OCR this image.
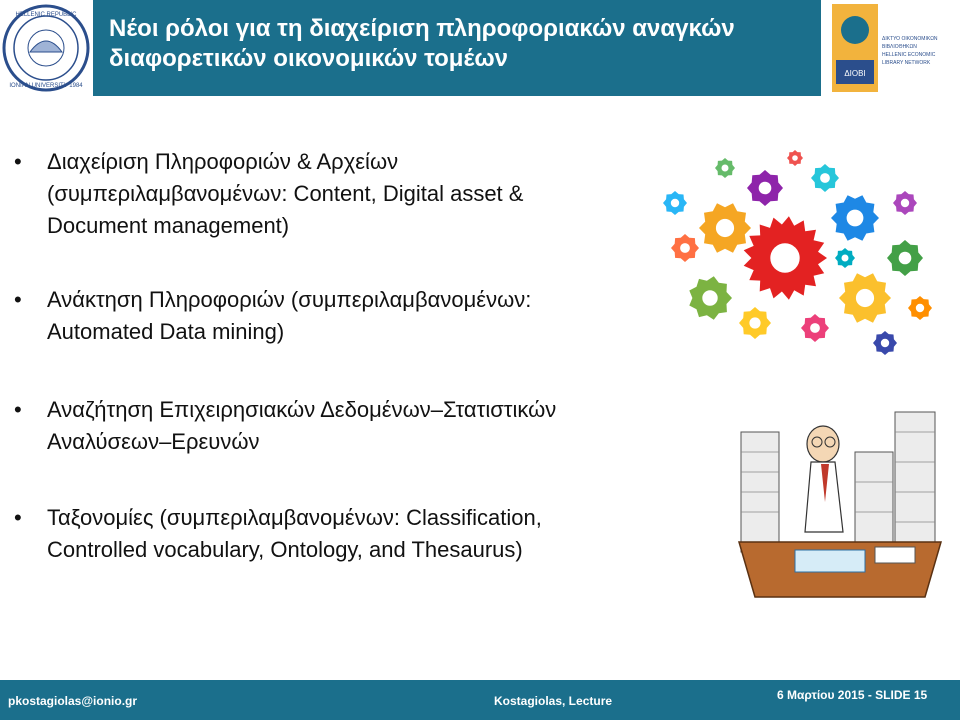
HELLENIC REPUBLIC
IONIAN UNIVERSITY 1984
Νέοι ρόλοι για τη διαχείριση πληροφοριακών αναγκών
διαφορετικών οικονομικών τομέων
ΔΙΟΒΙ
ΔΙΚΤΥΟ ΟΙΚΟΝΟΜΙΚΩΝ
ΒΙΒΛΙΟΘΗΚΩΝ
HELLENIC ECONOMIC
LIBRARY NETWORK
• Διαχείριση Πληροφοριών & Αρχείων
(συμπεριλαμβανομένων: Content, Digital asset &
Document management)
• Ανάκτηση Πληροφοριών (συμπεριλαμβανομένων:
Automated Data mining)
• Αναζήτηση Επιχειρησιακών Δεδομένων–Στατιστικών
Αναλύσεων–Ερευνών
• Ταξονομίες (συμπεριλαμβανομένων: Classification,
Controlled vocabulary, Ontology, and Thesaurus)
pkostagiolas@ionio.gr	Kostagiolas, Lecture	6 Μαρτίου 2015 - SLIDE 15
